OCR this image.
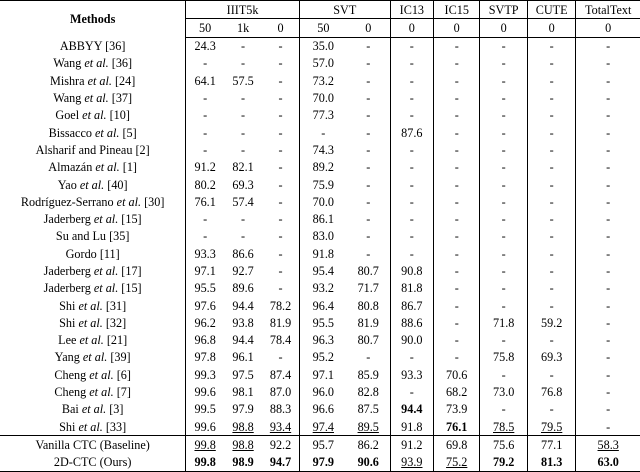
Methods	IIIT5k			SVT		IC13	IC15	SVTP	CUTE	TotalText
	50	1k	0	50	0	0	0	0	0	0
ABBYY [36]	24.3	-	-	35.0	-	-	-	-	-	-
Wang et al. [36]	-	-	-	57.0	-	-	-	-	-	-
Mishra et al. [24]	64.1	57.5	-	73.2	-	-	-	-	-	-
Wang et al. [37]	-	-	-	70.0	-	-	-	-	-	-
Goel et al. [10]	-	-	-	77.3	-	-	-	-	-	-
Bissacco et al. [5]	-	-	-	-	-	87.6	-	-	-	-
Alsharif and Pineau [2]	-	-	-	74.3	-	-	-	-	-	-
Almazán et al. [1]	91.2	82.1	-	89.2	-	-	-	-	-	-
Yao et al. [40]	80.2	69.3	-	75.9	-	-	-	-	-	-
Rodríguez-Serrano et al. [30]	76.1	57.4	-	70.0	-	-	-	-	-	-
Jaderberg et al. [15]	-	-	-	86.1	-	-	-	-	-	-
Su and Lu [35]	-	-	-	83.0	-	-	-	-	-	-
Gordo [11]	93.3	86.6	-	91.8	-	-	-	-	-	-
Jaderberg et al. [17]	97.1	92.7	-	95.4	80.7	90.8	-	-	-	-
Jaderberg et al. [15]	95.5	89.6	-	93.2	71.7	81.8	-	-	-	-
Shi et al. [31]	97.6	94.4	78.2	96.4	80.8	86.7	-	-	-	-
Shi et al. [32]	96.2	93.8	81.9	95.5	81.9	88.6	-	71.8	59.2	-
Lee et al. [21]	96.8	94.4	78.4	96.3	80.7	90.0	-	-	-	-
Yang et al. [39]	97.8	96.1	-	95.2	-	-	-	75.8	69.3	-
Cheng et al. [6]	99.3	97.5	87.4	97.1	85.9	93.3	70.6	-	-	-
Cheng et al. [7]	99.6	98.1	87.0	96.0	82.8	-	68.2	73.0	76.8	-
Bai et al. [3]	99.5	97.9	88.3	96.6	87.5	94.4	73.9	-	-	-
Shi et al. [33]	99.6	98.8	93.4	97.4	89.5	91.8	76.1	78.5	79.5	-
Vanilla CTC (Baseline)	99.8	98.8	92.2	95.7	86.2	91.2	69.8	75.6	77.1	58.3
2D-CTC (Ours)	99.8	98.9	94.7	97.9	90.6	93.9	75.2	79.2	81.3	63.0
